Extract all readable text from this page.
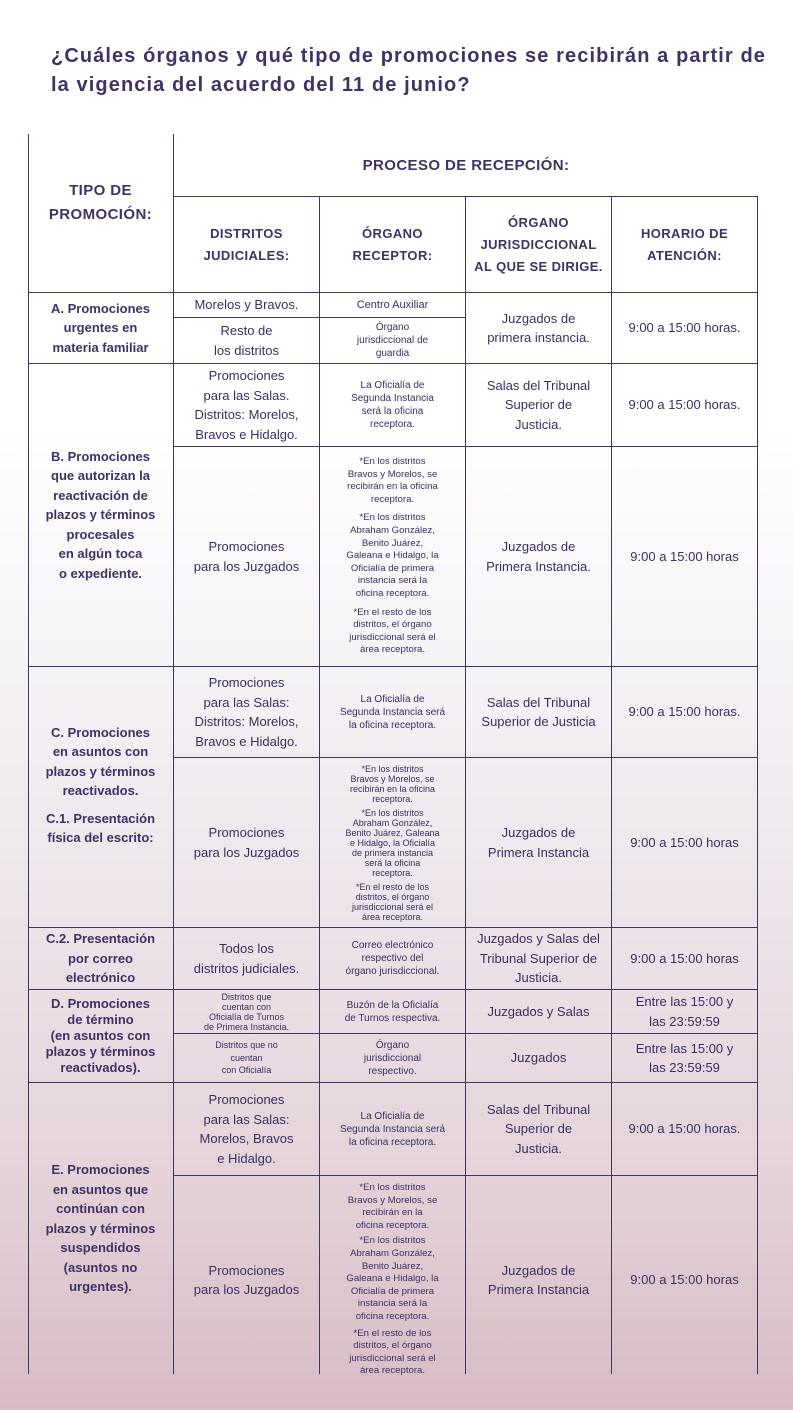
¿Cuáles órganos y qué tipo de promociones se recibirán a partir de la vigencia del acuerdo del 11 de junio?
TIPO DE
PROMOCIÓN:
PROCESO DE RECEPCIÓN:
DISTRITOS
JUDICIALES:
ÓRGANO
RECEPTOR:
ÓRGANO
JURISDICCIONAL
AL QUE SE DIRIGE.
HORARIO DE
ATENCIÓN:
A. Promociones
urgentes en
materia familiar
Morelos y Bravos.	Centro Auxiliar
Resto de
los distritos
Órgano
jurisdiccional de
guardia
Juzgados de
primera instancia.
9:00 a 15:00 horas.
B. Promociones
que autorizan la
reactivación de
plazos y términos
procesales
en algún toca
o expediente.
Promociones
para las Salas.
Distritos: Morelos,
Bravos e Hidalgo.
La Oficialía de
Segunda Instancia
será la oficina
receptora.
Salas del Tribunal
Superior de
Justicia.
9:00 a 15:00 horas.
Promociones
para los Juzgados

*En los distritos
Bravos y Morelos, se
recibirán en la oficina
receptora.

*En los distritos
Abraham González,
Benito Juárez,
Galeana e Hidalgo, la
Oficialía de primera
instancia será la
oficina receptora.

*En el resto de los
distritos, el órgano
jurisdiccional será el
área receptora.

Juzgados de
Primera Instancia.
9:00 a 15:00 horas
C. Promociones
en asuntos con
plazos y términos
reactivados.
C.1. Presentación
física del escrito:
Promociones
para las Salas:
Distritos: Morelos,
Bravos e Hidalgo.
La Oficialía de
Segunda Instancia será
la oficina receptora.
Salas del Tribunal
Superior de Justicia
9:00 a 15:00 horas.
Promociones
para los Juzgados

*En los distritos
Bravos y Morelos, se
recibirán en la oficina
receptora.

*En los distritos
Abraham González,
Benito Juárez, Galeana
e Hidalgo, la Oficialía
de primera instancia
será la oficina
receptora.

*En el resto de los
distritos, el órgano
jurisdiccional será el
área receptora.

Juzgados de
Primera Instancia
9:00 a 15:00 horas
C.2. Presentación
por correo
electrónico
Todos los
distritos judiciales.
Correo electrónico
respectivo del
órgano jurisdiccional.
Juzgados y Salas del
Tribunal Superior de
Justicia.
9:00 a 15:00 horas
D. Promociones
de término
(en asuntos con
plazos y términos
reactivados).
Distritos que
cuentan con
Oficialía de Turnos
de Primera Instancia.
Buzón de la Oficialía
de Turnos respectiva.	Juzgados y Salas
Entre las 15:00 y
las 23:59:59
Distritos que no
cuentan
con Oficialía
Órgano
jurisdiccional
respectivo.
Juzgados
Entre las 15:00 y
las 23:59:59
E. Promociones
en asuntos que
continúan con
plazos y términos
suspendidos
(asuntos no
urgentes).
Promociones
para las Salas:
Morelos, Bravos
e Hidalgo.
La Oficialía de
Segunda Instancia será
la oficina receptora.
Salas del Tribunal
Superior de
Justicia.
9:00 a 15:00 horas.
Promociones
para los Juzgados

*En los distritos
Bravos y Morelos, se
recibirán en la
oficina receptora.

*En los distritos
Abraham González,
Benito Juárez,
Galeana e Hidalgo, la
Oficialía de primera
instancia será la
oficina receptora.

*En el resto de los
distritos, el órgano
jurisdiccional será el
área receptora.

Juzgados de
Primera Instancia
9:00 a 15:00 horas
